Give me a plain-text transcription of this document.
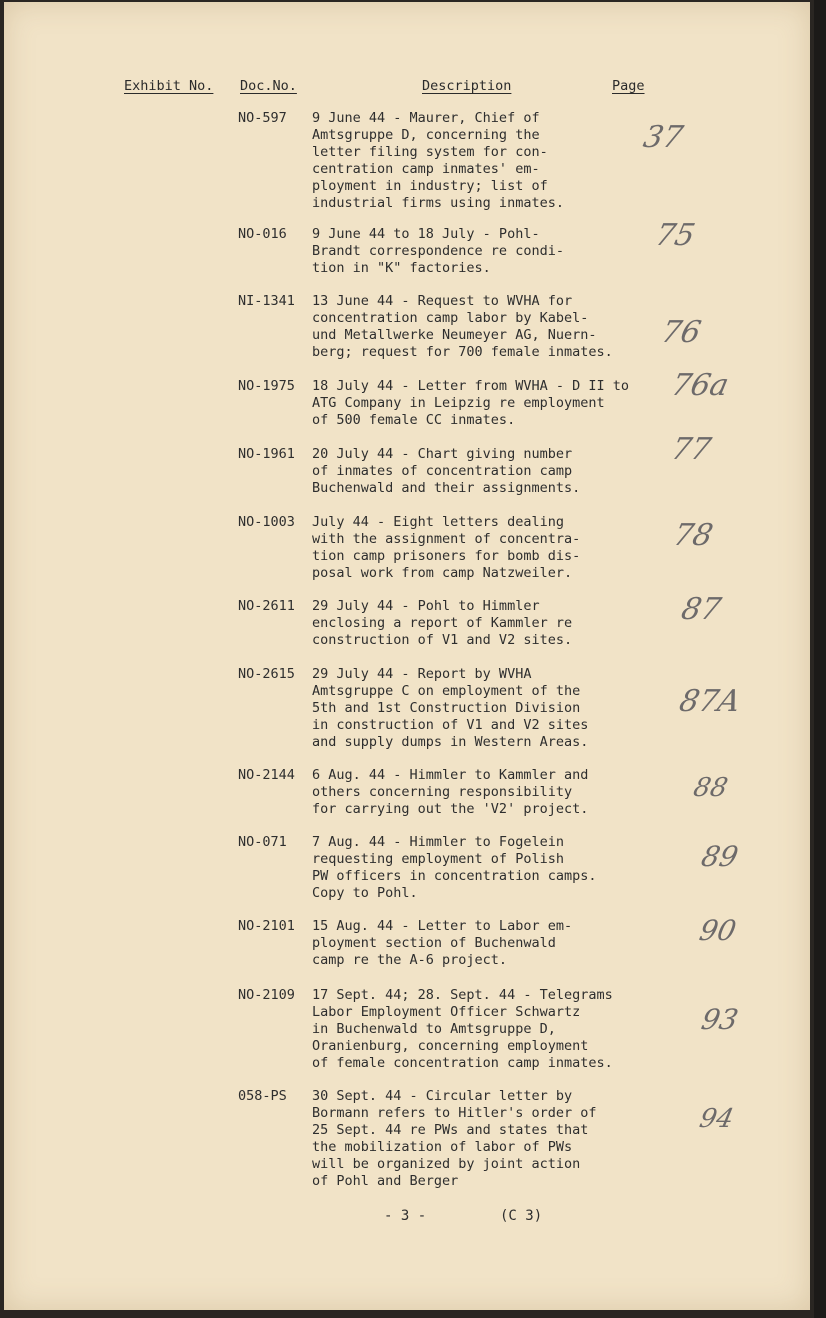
Exhibit No. Doc.No.	Description	Page
NO-597 9 June 44 - Maurer, Chief of
Amtsgruppe D, concerning the
letter filing system for con-
centration camp inmates' em-
ployment in industry; list of
industrial firms using inmates.
37
NO-016 9 June 44 to 18 July - Pohl-
Brandt correspondence re condi-
tion in "K" factories.
75
NI-1341 13 June 44 - Request to WVHA for
concentration camp labor by Kabel-
und Metallwerke Neumeyer AG, Nuern-
berg; request for 700 female inmates.
76
NO-1975 18 July 44 - Letter from WVHA - D II to
ATG Company in Leipzig re employment
of 500 female CC inmates.
76a
NO-1961 20 July 44 - Chart giving number
of inmates of concentration camp
Buchenwald and their assignments.
77
NO-1003 July 44 - Eight letters dealing
with the assignment of concentra-
tion camp prisoners for bomb dis-
posal work from camp Natzweiler.
78
NO-2611 29 July 44 - Pohl to Himmler
enclosing a report of Kammler re
construction of V1 and V2 sites.
87
NO-2615 29 July 44 - Report by WVHA
Amtsgruppe C on employment of the
5th and 1st Construction Division
in construction of V1 and V2 sites
and supply dumps in Western Areas.
87A
NO-2144 6 Aug. 44 - Himmler to Kammler and
others concerning responsibility
for carrying out the 'V2' project.
88
NO-071 7 Aug. 44 - Himmler to Fogelein
requesting employment of Polish
PW officers in concentration camps.
Copy to Pohl.
89
NO-2101 15 Aug. 44 - Letter to Labor em-
ployment section of Buchenwald
camp re the A-6 project.
90
NO-2109 17 Sept. 44; 28. Sept. 44 - Telegrams
Labor Employment Officer Schwartz
in Buchenwald to Amtsgruppe D,
Oranienburg, concerning employment
of female concentration camp inmates.
93
058-PS 30 Sept. 44 - Circular letter by
Bormann refers to Hitler's order of
25 Sept. 44 re PWs and states that
the mobilization of labor of PWs
will be organized by joint action
of Pohl and Berger
94
- 3 -	(C 3)
